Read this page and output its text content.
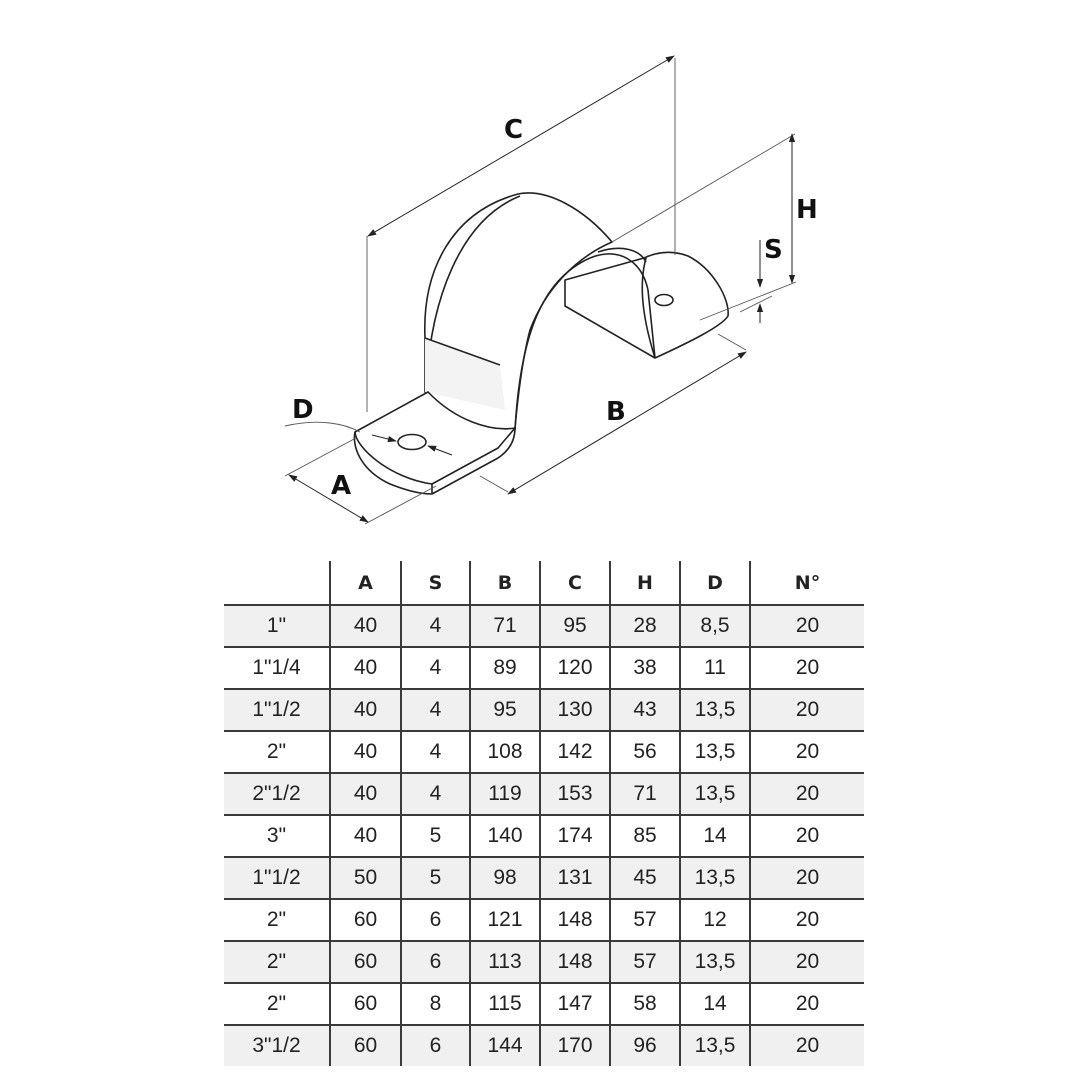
C
H
S
D	B
A
	A	S	B	C	H	D	N°
1"	40	4	71	95	28	8,5	20
1"1/4	40	4	89	120	38	11	20
1"1/2	40	4	95	130	43	13,5	20
2"	40	4	108	142	56	13,5	20
2"1/2	40	4	119	153	71	13,5	20
3"	40	5	140	174	85	14	20
1"1/2	50	5	98	131	45	13,5	20
2"	60	6	121	148	57	12	20
2"	60	6	113	148	57	13,5	20
2"	60	8	115	147	58	14	20
3"1/2	60	6	144	170	96	13,5	20
